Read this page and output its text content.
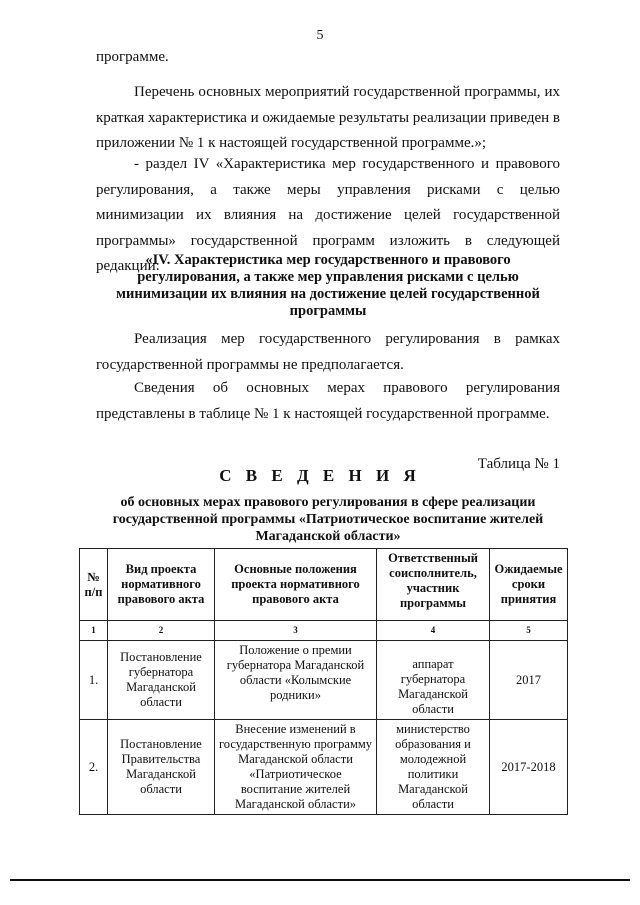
5

программе.

Перечень основных мероприятий государственной программы, их краткая характеристика и ожидаемые результаты реализации приведен в приложении № 1 к настоящей государственной программе.»;

- раздел IV «Характеристика мер государственного и правового регулирования, а также меры управления рисками с целью минимизации их влияния на достижение целей государственной программы» государственной программ изложить в следующей редакции:

«IV. Характеристика мер государственного и правового регулирования, а также мер управления рисками с целью минимизации их влияния на достижение целей государственной программы

Реализация мер государственного регулирования в рамках государственной программы не предполагается.

Сведения об основных мерах правового регулирования представлены в таблице № 1 к настоящей государственной программе.

Таблица № 1
С В Е Д Е Н И Я

об основных мерах правового регулирования в сфере реализации государственной программы «Патриотическое воспитание жителей Магаданской области»

№ п/п	Вид проекта нормативного правового акта	Основные положения проекта нормативного правового акта	Ответственный соисполнитель, участник программы	Ожидаемые сроки принятия
1	2	3	4	5
1.	Постановление губернатора Магаданской области	Положение о премии губернатора Магаданской области «Колымские родники»	аппарат губернатора Магаданской области	2017
2.	Постановление Правительства Магаданской области	Внесение изменений в государственную программу Магаданской области «Патриотическое воспитание жителей Магаданской области»	министерство образования и молодежной политики Магаданской области	2017-2018
